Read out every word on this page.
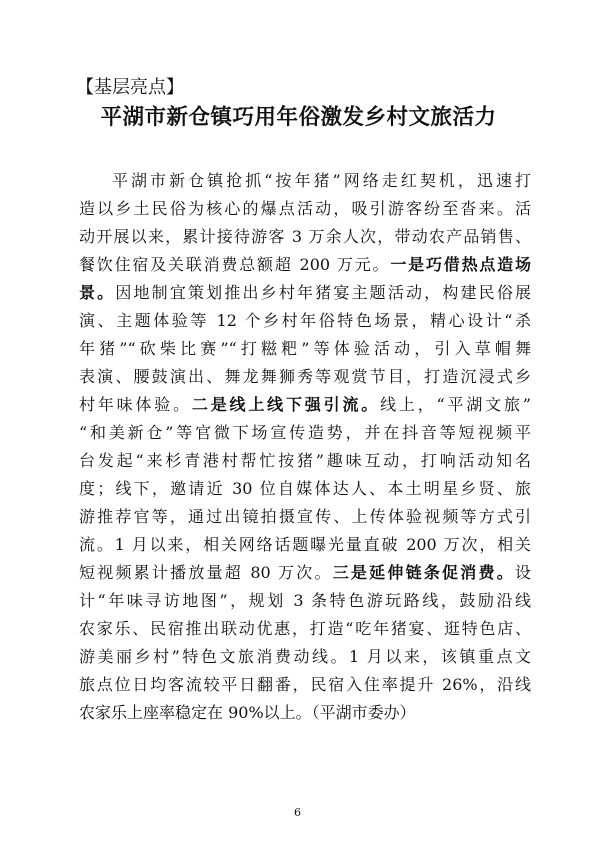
【基层亮点】
平湖市新仓镇巧用年俗激发乡村文旅活力
平湖市新仓镇抢抓“按年猪”网络走红契机，迅速打
造以乡土民俗为核心的爆点活动，吸引游客纷至沓来。活
动开展以来，累计接待游客 3 万余人次，带动农产品销售、
餐饮住宿及关联消费总额超 200 万元。一是巧借热点造场
景。因地制宜策划推出乡村年猪宴主题活动，构建民俗展
演、主题体验等 12 个乡村年俗特色场景，精心设计“杀
年猪”“砍柴比赛”“打糍粑”等体验活动，引入草帽舞
表演、腰鼓演出、舞龙舞狮秀等观赏节目，打造沉浸式乡
村年味体验。二是线上线下强引流。线上，“平湖文旅”
“和美新仓”等官微下场宣传造势，并在抖音等短视频平
台发起“来杉青港村帮忙按猪”趣味互动，打响活动知名
度；线下，邀请近 30 位自媒体达人、本土明星乡贤、旅
游推荐官等，通过出镜拍摄宣传、上传体验视频等方式引
流。1 月以来，相关网络话题曝光量直破 200 万次，相关
短视频累计播放量超 80 万次。三是延伸链条促消费。设
计“年味寻访地图”，规划 3 条特色游玩路线，鼓励沿线
农家乐、民宿推出联动优惠，打造“吃年猪宴、逛特色店、
游美丽乡村”特色文旅消费动线。1 月以来，该镇重点文
旅点位日均客流较平日翻番，民宿入住率提升 26%，沿线
农家乐上座率稳定在 90%以上。（平湖市委办）
6
